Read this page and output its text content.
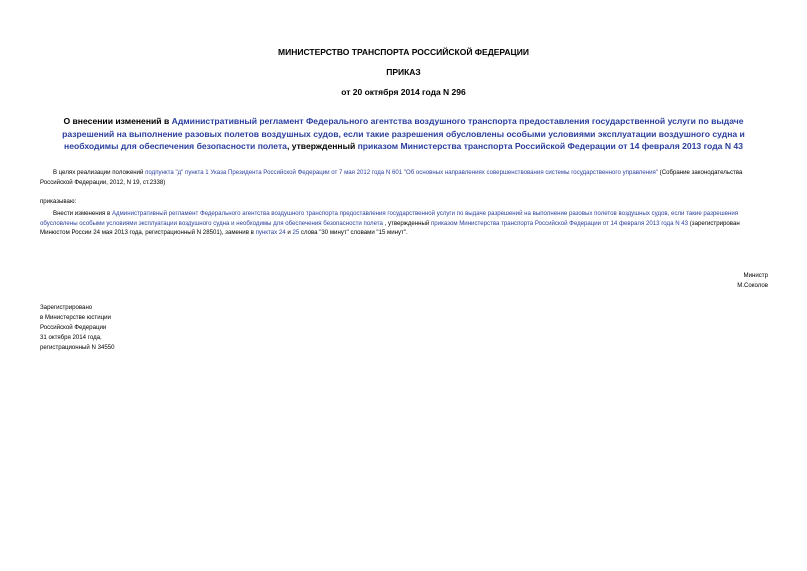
МИНИСТЕРСТВО ТРАНСПОРТА РОССИЙСКОЙ ФЕДЕРАЦИИ
ПРИКАЗ
от 20 октября 2014 года N 296
О внесении изменений в Административный регламент Федерального агентства воздушного транспорта предоставления государственной услуги по выдаче разрешений на выполнение разовых полетов воздушных судов, если такие разрешения обусловлены особыми условиями эксплуатации воздушного судна и необходимы для обеспечения безопасности полета, утвержденный приказом Министерства транспорта Российской Федерации от 14 февраля 2013 года N 43
В целях реализации положений подпункта "д" пункта 1 Указа Президента Российской Федерации от 7 мая 2012 года N 601 "Об основных направлениях совершенствования системы государственного управления" (Собрание законодательства Российской Федерации, 2012, N 19, ст.2338)
приказываю:
Внести изменения в Административный регламент Федерального агентства воздушного транспорта предоставления государственной услуги по выдаче разрешений на выполнение разовых полетов воздушных судов, если такие разрешения обусловлены особыми условиями эксплуатации воздушного судна и необходимы для обеспечения безопасности полета , утвержденный приказом Министерства транспорта Российской Федерации от 14 февраля 2013 года N 43 (зарегистрирован Минюстом России 24 мая 2013 года, регистрационный N 28501), заменив в пунктах 24 и 25 слова "30 минут" словами "15 минут".
Министр
М.Соколов
Зарегистрировано
в Министерстве юстиции
Российской Федерации
31 октября 2014 года,
регистрационный N 34550
